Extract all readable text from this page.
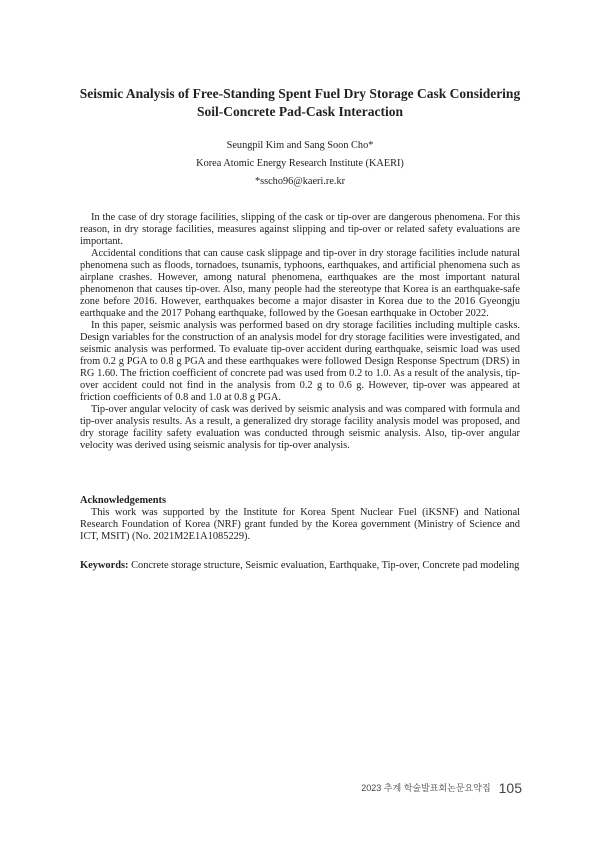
Seismic Analysis of Free-Standing Spent Fuel Dry Storage Cask Considering
Soil-Concrete Pad-Cask Interaction

Seungpil Kim and Sang Soon Cho*

Korea Atomic Energy Research Institute (KAERI)

*sscho96@kaeri.re.kr

In the case of dry storage facilities, slipping of the cask or tip-over are dangerous phenomena. For this reason, in dry storage facilities, measures against slipping and tip-over or related safety evaluations are important.

Accidental conditions that can cause cask slippage and tip-over in dry storage facilities include natural phenomena such as floods, tornadoes, tsunamis, typhoons, earthquakes, and artificial phenomena such as airplane crashes. However, among natural phenomena, earthquakes are the most important natural phenomenon that causes tip-over. Also, many people had the stereotype that Korea is an earthquake-safe zone before 2016. However, earthquakes become a major disaster in Korea due to the 2016 Gyeongju earthquake and the 2017 Pohang earthquake, followed by the Goesan earthquake in October 2022.

In this paper, seismic analysis was performed based on dry storage facilities including multiple casks. Design variables for the construction of an analysis model for dry storage facilities were investigated, and seismic analysis was performed. To evaluate tip-over accident during earthquake, seismic load was used from 0.2 g PGA to 0.8 g PGA and these earthquakes were followed Design Response Spectrum (DRS) in RG 1.60. The friction coefficient of concrete pad was used from 0.2 to 1.0. As a result of the analysis, tip-over accident could not find in the analysis from 0.2 g to 0.6 g. However, tip-over was appeared at friction coefficients of 0.8 and 1.0 at 0.8 g PGA.

Tip-over angular velocity of cask was derived by seismic analysis and was compared with formula and tip-over analysis results. As a result, a generalized dry storage facility analysis model was proposed, and dry storage facility safety evaluation was conducted through seismic analysis. Also, tip-over angular velocity was derived using seismic analysis for tip-over analysis.

Acknowledgements

This work was supported by the Institute for Korea Spent Nuclear Fuel (iKSNF) and National Research Foundation of Korea (NRF) grant funded by the Korea government (Ministry of Science and ICT, MSIT) (No. 2021M2E1A1085229).

Keywords: Concrete storage structure, Seismic evaluation, Earthquake, Tip-over, Concrete pad modeling

2023 추계 학술발표회논문요약집 105
